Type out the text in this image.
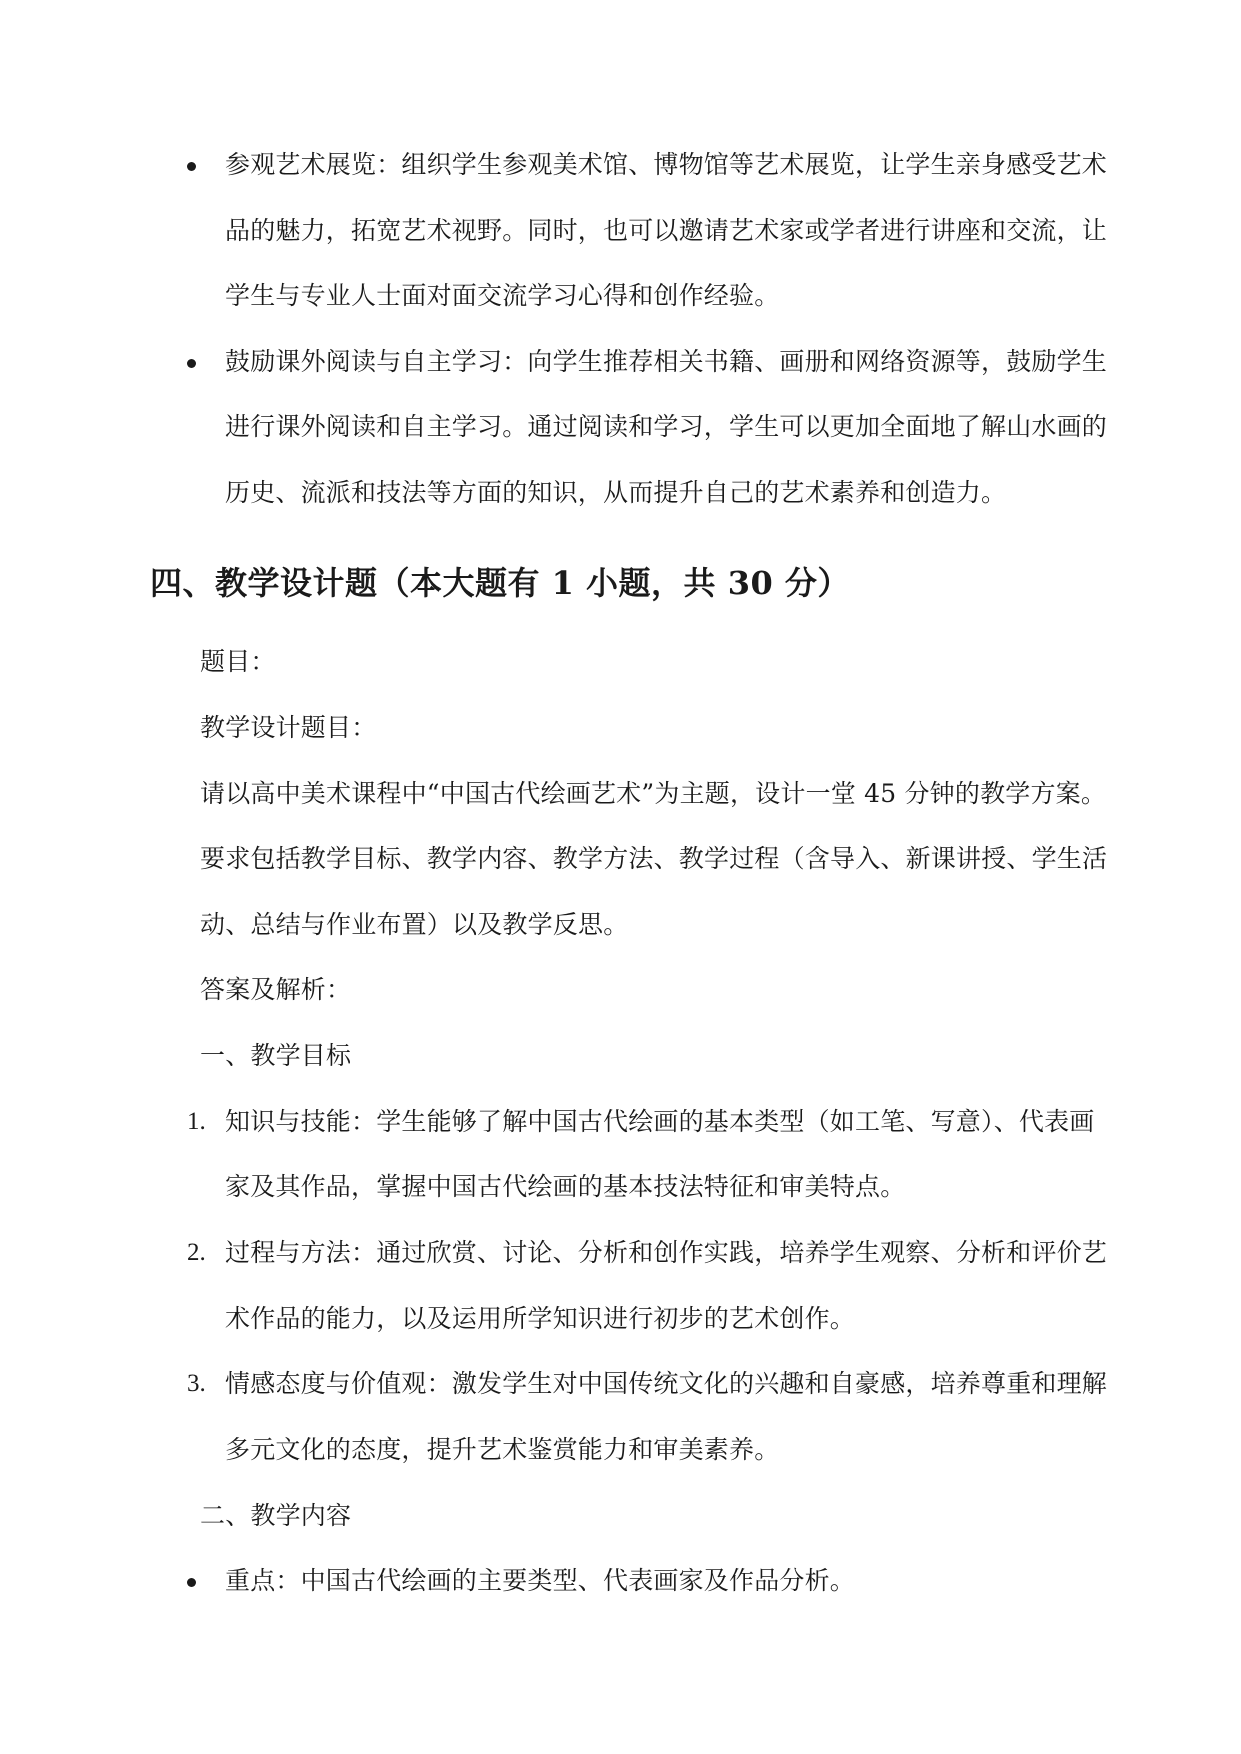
参观艺术展览：组织学生参观美术馆、博物馆等艺术展览，让学生亲身感受艺术
品的魅力，拓宽艺术视野。同时，也可以邀请艺术家或学者进行讲座和交流，让
学生与专业人士面对面交流学习心得和创作经验。
鼓励课外阅读与自主学习：向学生推荐相关书籍、画册和网络资源等，鼓励学生
进行课外阅读和自主学习。通过阅读和学习，学生可以更加全面地了解山水画的
历史、流派和技法等方面的知识，从而提升自己的艺术素养和创造力。
四、教学设计题（本大题有 1 小题，共 30 分）
题目：
教学设计题目：
请以高中美术课程中“中国古代绘画艺术”为主题，设计一堂 45 分钟的教学方案。
要求包括教学目标、教学内容、教学方法、教学过程（含导入、新课讲授、学生活
动、总结与作业布置）以及教学反思。
答案及解析：
一、教学目标
1. 知识与技能：学生能够了解中国古代绘画的基本类型（如工笔、写意）、代表画
家及其作品，掌握中国古代绘画的基本技法特征和审美特点。
2. 过程与方法：通过欣赏、讨论、分析和创作实践，培养学生观察、分析和评价艺
术作品的能力，以及运用所学知识进行初步的艺术创作。
3. 情感态度与价值观：激发学生对中国传统文化的兴趣和自豪感，培养尊重和理解
多元文化的态度，提升艺术鉴赏能力和审美素养。
二、教学内容
重点：中国古代绘画的主要类型、代表画家及作品分析。
